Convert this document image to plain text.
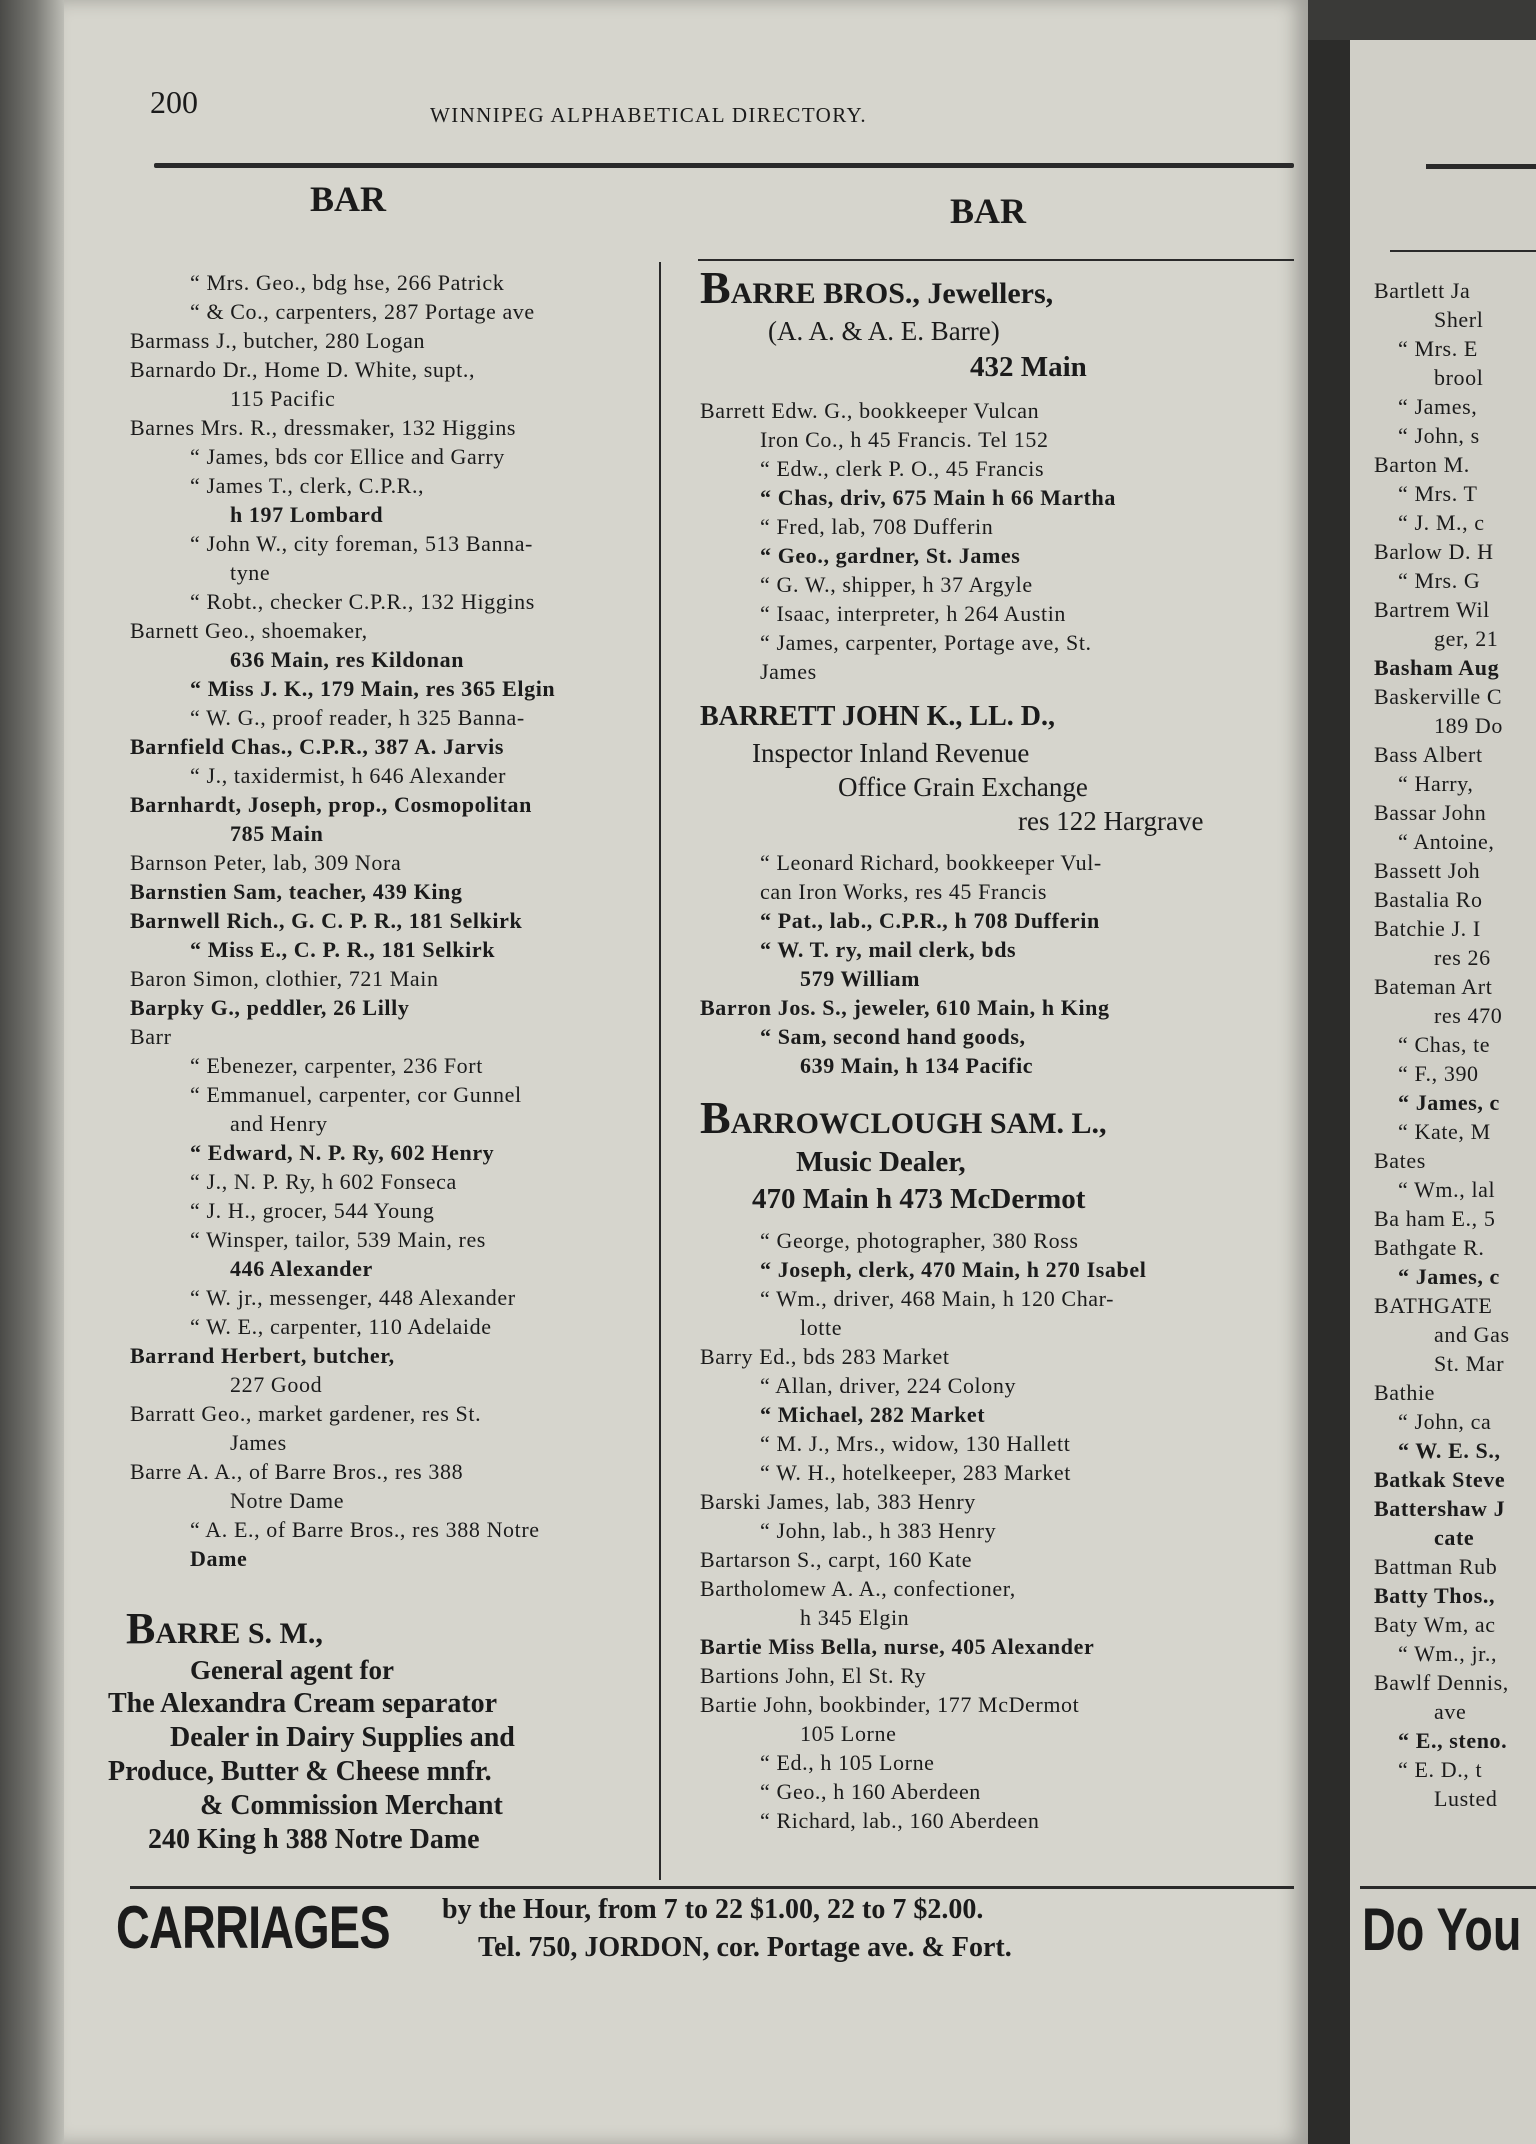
200	WINNIPEG ALPHABETICAL DIRECTORY.
BAR	BAR
“ Mrs. Geo., bdg hse, 266 Patrick
“ & Co., carpenters, 287 Portage ave
Barmass J., butcher, 280 Logan
Barnardo Dr., Home D. White, supt.,
115 Pacific
Barnes Mrs. R., dressmaker, 132 Higgins
“ James, bds cor Ellice and Garry
“ James T., clerk, C.P.R.,
h 197 Lombard
“ John W., city foreman, 513 Banna-
tyne
“ Robt., checker C.P.R., 132 Higgins
Barnett Geo., shoemaker,
636 Main, res Kildonan
“ Miss J. K., 179 Main, res 365 Elgin
“ W. G., proof reader, h 325 Banna-
Barnfield Chas., C.P.R., 387 A. Jarvis
“ J., taxidermist, h 646 Alexander
Barnhardt, Joseph, prop., Cosmopolitan
785 Main
Barnson Peter, lab, 309 Nora
Barnstien Sam, teacher, 439 King
Barnwell Rich., G. C. P. R., 181 Selkirk
“ Miss E., C. P. R., 181 Selkirk
Baron Simon, clothier, 721 Main
Barpky G., peddler, 26 Lilly
Barr
“ Ebenezer, carpenter, 236 Fort
“ Emmanuel, carpenter, cor Gunnel
and Henry
“ Edward, N. P. Ry, 602 Henry
“ J., N. P. Ry, h 602 Fonseca
“ J. H., grocer, 544 Young
“ Winsper, tailor, 539 Main, res
446 Alexander
“ W. jr., messenger, 448 Alexander
“ W. E., carpenter, 110 Adelaide
Barrand Herbert, butcher,
227 Good
Barratt Geo., market gardener, res St.
James
Barre A. A., of Barre Bros., res 388
Notre Dame
“ A. E., of Barre Bros., res 388 Notre
Dame
BARRE S. M.,
General agent for
The Alexandra Cream separator
Dealer in Dairy Supplies and
Produce, Butter & Cheese mnfr.
& Commission Merchant
240 King h 388 Notre Dame
BARRE BROS., Jewellers,
(A. A. & A. E. Barre)
432 Main
Barrett Edw. G., bookkeeper Vulcan
Iron Co., h 45 Francis. Tel 152
“ Edw., clerk P. O., 45 Francis
“ Chas, driv, 675 Main h 66 Martha
“ Fred, lab, 708 Dufferin
“ Geo., gardner, St. James
“ G. W., shipper, h 37 Argyle
“ Isaac, interpreter, h 264 Austin
“ James, carpenter, Portage ave, St.
James
BARRETT JOHN K., LL. D.,
Inspector Inland Revenue
Office Grain Exchange
res 122 Hargrave
“ Leonard Richard, bookkeeper Vul-
can Iron Works, res 45 Francis
“ Pat., lab., C.P.R., h 708 Dufferin
“ W. T. ry, mail clerk, bds
579 William
Barron Jos. S., jeweler, 610 Main, h King
“ Sam, second hand goods,
639 Main, h 134 Pacific
BARROWCLOUGH SAM. L.,
Music Dealer,
470 Main h 473 McDermot
“ George, photographer, 380 Ross
“ Joseph, clerk, 470 Main, h 270 Isabel
“ Wm., driver, 468 Main, h 120 Char-
lotte
Barry Ed., bds 283 Market
“ Allan, driver, 224 Colony
“ Michael, 282 Market
“ M. J., Mrs., widow, 130 Hallett
“ W. H., hotelkeeper, 283 Market
Barski James, lab, 383 Henry
“ John, lab., h 383 Henry
Bartarson S., carpt, 160 Kate
Bartholomew A. A., confectioner,
h 345 Elgin
Bartie Miss Bella, nurse, 405 Alexander
Bartions John, El St. Ry
Bartie John, bookbinder, 177 McDermot
105 Lorne
“ Ed., h 105 Lorne
“ Geo., h 160 Aberdeen
“ Richard, lab., 160 Aberdeen
CARRIAGES by the Hour, from 7 to 22 $1.00, 22 to 7 $2.00.
Tel. 750, JORDON, cor. Portage ave. & Fort.
Bartlett Ja
Sherl
“ Mrs. E
brool
“ James,
“ John, s
Barton M.
“ Mrs. T
“ J. M., c
Barlow D. H
“ Mrs. G
Bartrem Wil
ger, 21
Basham Aug
Baskerville C
189 Do
Bass Albert
“ Harry,
Bassar John
“ Antoine,
Bassett Joh
Bastalia Ro
Batchie J. I
res 26
Bateman Art
res 470
“ Chas, te
“ F., 390
“ James, c
“ Kate, M
Bates
“ Wm., lal
Ba ham E., 5
Bathgate R.
“ James, c
BATHGATE
and Gas
St. Mar
Bathie
“ John, ca
“ W. E. S.,
Batkak Steve
Battershaw J
cate
Battman Rub
Batty Thos.,
Baty Wm, ac
“ Wm., jr.,
Bawlf Dennis,
ave
“ E., steno.
“ E. D., t
Lusted
Do You
